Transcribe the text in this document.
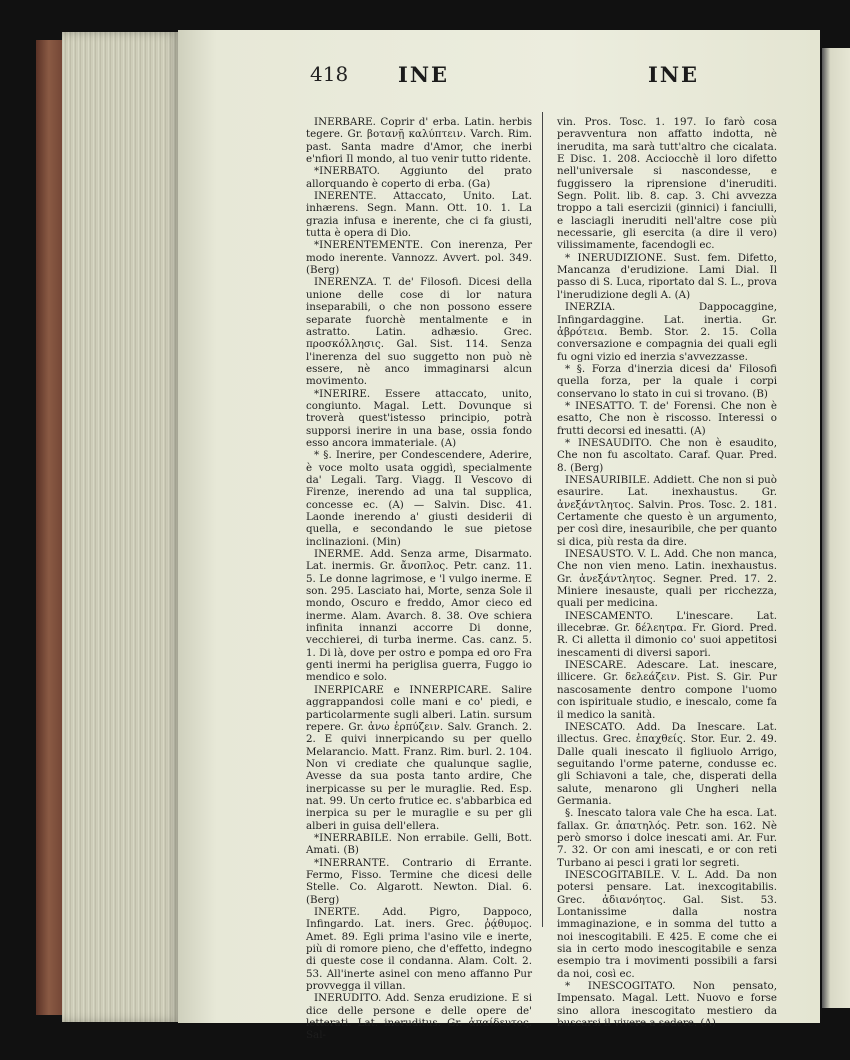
418 INE	INE

INERBARE. Coprir d' erba. Latin. herbis tegere. Gr. βοτανῇ καλύπτειν. Varch. Rim. past. Santa madre d'Amor, che inerbi e'nfiori Il mondo, al tuo venir tutto ridente.

*INERBATO. Aggiunto del prato allorquando è coperto di erba. (Ga)

INERENTE. Attaccato, Unito. Lat. inhærens. Segn. Mann. Ott. 10. 1. La grazia infusa e inerente, che ci fa giusti, tutta è opera di Dio.

*INERENTEMENTE. Con inerenza, Per modo inerente. Vannozz. Avvert. pol. 349. (Berg)

INERENZA. T. de' Filosofi. Dicesi della unione delle cose di lor natura inseparabili, o che non possono essere separate fuorchè mentalmente e in astratto. Latin. adhæsio. Grec. προσκόλλησις. Gal. Sist. 114. Senza l'inerenza del suo suggetto non può nè essere, nè anco immaginarsi alcun movimento.

*INERIRE. Essere attaccato, unito, congiunto. Magal. Lett. Dovunque si troverà quest'istesso principio, potrà supporsi inerire in una base, ossia fondo esso ancora immateriale. (A)

* §. Inerire, per Condescendere, Aderire, è voce molto usata oggidì, specialmente da' Legali. Targ. Viagg. Il Vescovo di Firenze, inerendo ad una tal supplica, concesse ec. (A) — Salvin. Disc. 41. Laonde inerendo a' giusti desiderii di quella, e secondando le sue pietose inclinazioni. (Min)

INERME. Add. Senza arme, Disarmato. Lat. inermis. Gr. ἄνοπλος. Petr. canz. 11. 5. Le donne lagrimose, e 'l vulgo inerme. E son. 295. Lasciato hai, Morte, senza Sole il mondo, Oscuro e freddo, Amor cieco ed inerme. Alam. Avarch. 8. 38. Ove schiera infinita innanzi accorre Di donne, vecchierei, di turba inerme. Cas. canz. 5. 1. Di là, dove per ostro e pompa ed oro Fra genti inermi ha periglisa guerra, Fuggo io mendico e solo.

INERPICARE e INNERPICARE. Salire aggrappandosi colle mani e co' piedi, e particolarmente sugli alberi. Latin. sursum repere. Gr. ἀνω ἑρπύζειν. Salv. Granch. 2. 2. E quivi innerpicando su per quello Melarancio. Matt. Franz. Rim. burl. 2. 104. Non vi crediate che qualunque saglie, Avesse da sua posta tanto ardire, Che inerpicasse su per le muraglie. Red. Esp. nat. 99. Un certo frutice ec. s'abbarbica ed inerpica su per le muraglie e su per gli alberi in guisa dell'ellera.

*INERRABILE. Non errabile. Gelli, Bott. Amati. (B)

*INERRANTE. Contrario di Errante. Fermo, Fisso. Termine che dicesi delle Stelle. Co. Algarott. Newton. Dial. 6. (Berg)

INERTE. Add. Pigro, Dappoco, Infingardo. Lat. iners. Grec. ῥᾴθυμος. Amet. 89. Egli prima l'asino vile e inerte, più di romore pieno, che d'effetto, indegno di queste cose il condanna. Alam. Colt. 2. 53. All'inerte asinel con meno affanno Pur provvegga il villan.

INERUDITO. Add. Senza erudizione. E si dice delle persone e delle opere de' letterati. Lat. ineruditus. Gr. ἀπαίδευτος. Sal-

vin. Pros. Tosc. 1. 197. Io farò cosa peravventura non affatto indotta, nè inerudita, ma sarà tutt'altro che cicalata. E Disc. 1. 208. Acciocchè il loro difetto nell'universale si nascondesse, e fuggissero la riprensione d'ineruditi. Segn. Polit. lib. 8. cap. 3. Chi avvezza troppo a tali esercizii (ginnici) i fanciulli, e lasciagli ineruditi nell'altre cose più necessarie, gli esercita (a dire il vero) vilissimamente, facendogli ec.

* INERUDIZIONE. Sust. fem. Difetto, Mancanza d'erudizione. Lami Dial. Il passo di S. Luca, riportato dal S. L., prova l'inerudizione degli A. (A)

INERZIA. Dappocaggine, Infingardaggine. Lat. inertia. Gr. ἀβρότεια. Bemb. Stor. 2. 15. Colla conversazione e compagnia dei quali egli fu ogni vizio ed inerzia s'avvezzasse.

* §. Forza d'inerzia dicesi da' Filosofi quella forza, per la quale i corpi conservano lo stato in cui si trovano. (B)

* INESATTO. T. de' Forensi. Che non è esatto, Che non è riscosso. Interessi o frutti decorsi ed inesatti. (A)

* INESAUDITO. Che non è esaudito, Che non fu ascoltato. Caraf. Quar. Pred. 8. (Berg)

INESAURIBILE. Addiett. Che non si può esaurire. Lat. inexhaustus. Gr. ἀνεξάντλητος. Salvin. Pros. Tosc. 2. 181. Certamente che questo è un argumento, per così dire, inesauribile, che per quanto si dica, più resta da dire.

INESAUSTO. V. L. Add. Che non manca, Che non vien meno. Latin. inexhaustus. Gr. ἀνεξάντλητος. Segner. Pred. 17. 2. Miniere inesauste, quali per ricchezza, quali per medicina.

INESCAMENTO. L'inescare. Lat. illecebræ. Gr. δέλεητρα. Fr. Giord. Pred. R. Ci alletta il dimonio co' suoi appetitosi inescamenti di diversi sapori.

INESCARE. Adescare. Lat. inescare, illicere. Gr. δελεάζειν. Pist. S. Gir. Pur nascosamente dentro compone l'uomo con ispirituale studio, e inescalo, come fa il medico la sanità.

INESCATO. Add. Da Inescare. Lat. illectus. Grec. ἐπαχθείς. Stor. Eur. 2. 49. Dalle quali inescato il figliuolo Arrigo, seguitando l'orme paterne, condusse ec. gli Schiavoni a tale, che, disperati della salute, menarono gli Ungheri nella Germania.

§. Inescato talora vale Che ha esca. Lat. fallax. Gr. ἀπατηλός. Petr. son. 162. Nè però smorso i dolce inescati ami. Ar. Fur. 7. 32. Or con ami inescati, e or con reti Turbano ai pesci i grati lor segreti.

INESCOGITABILE. V. L. Add. Da non potersi pensare. Lat. inexcogitabilis. Grec. ἀδιανόητος. Gal. Sist. 53. Lontanissime dalla nostra immaginazione, e in somma del tutto a noi inescogitabili. E 425. E come che ei sia in certo modo inescogitabile e senza esempio tra i movimenti possibili a farsi da noi, così ec.

* INESCOGITATO. Non pensato, Impensato. Magal. Lett. Nuovo e forse sino allora inescogitato mestiero da buscarsi il vivere a sedere. (A)
